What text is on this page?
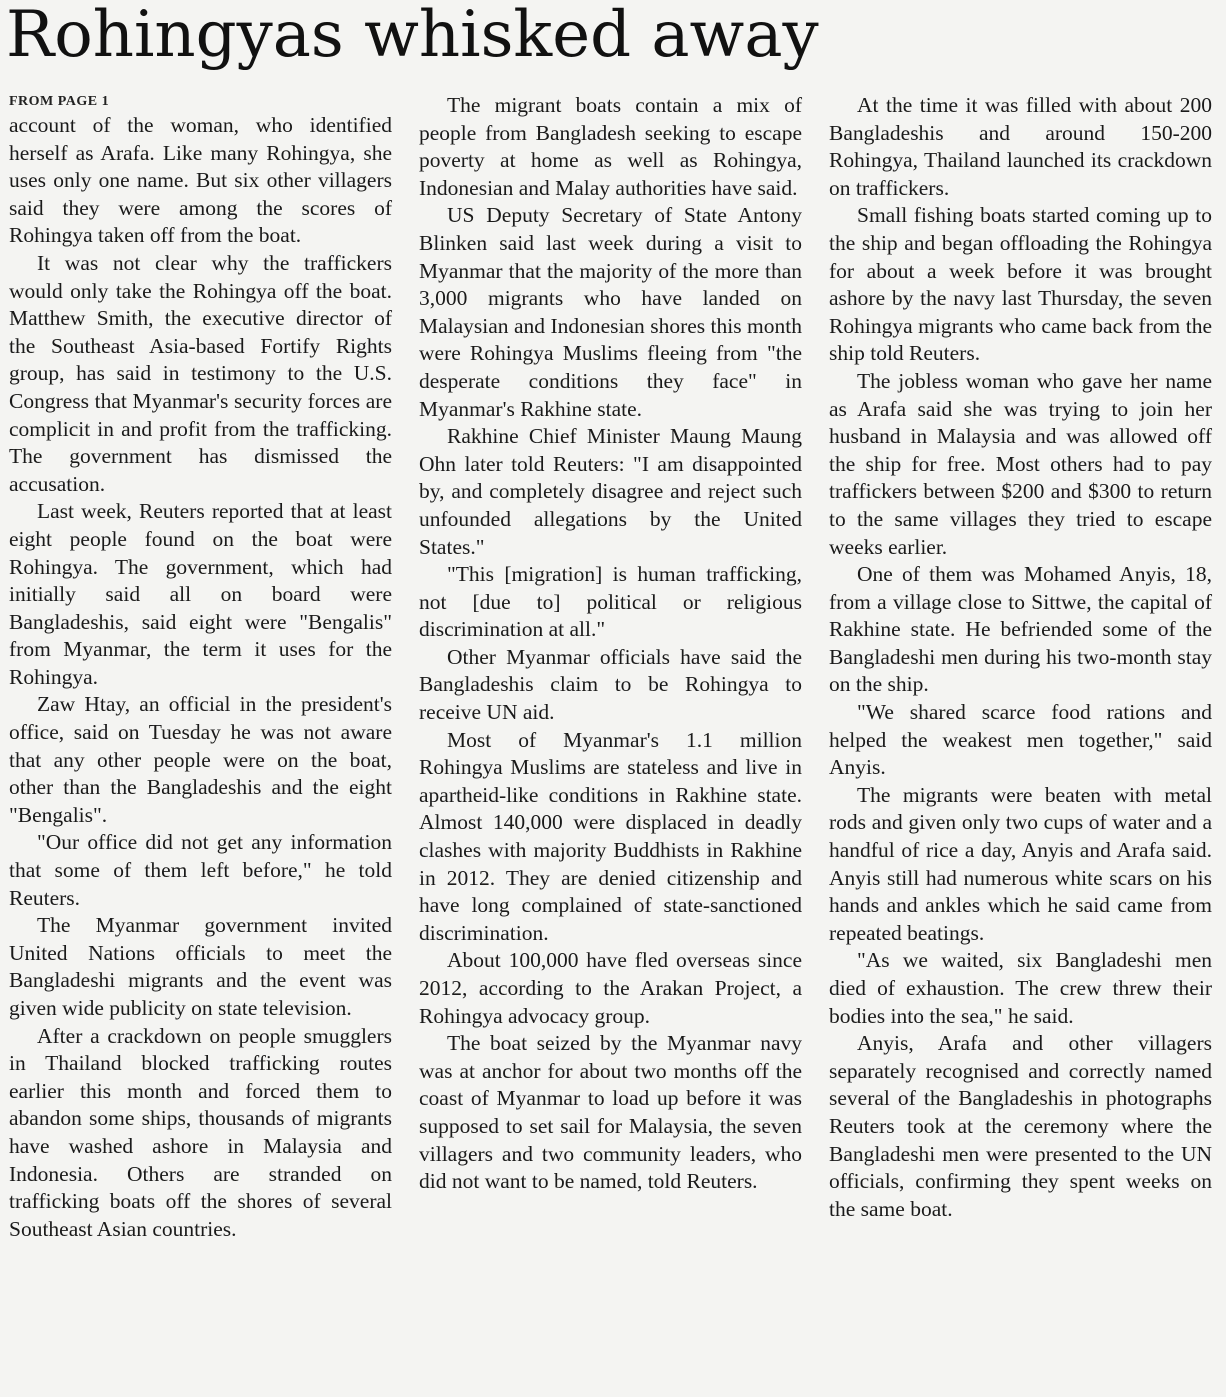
Rohingyas whisked away
FROM PAGE 1

account of the woman, who identified herself as Arafa. Like many Rohingya, she uses only one name. But six other villagers said they were among the scores of Rohingya taken off from the boat.

It was not clear why the traffickers would only take the Rohingya off the boat. Matthew Smith, the executive director of the Southeast Asia-based Fortify Rights group, has said in testimony to the U.S. Congress that Myanmar's security forces are complicit in and profit from the trafficking. The government has dismissed the accusation.

Last week, Reuters reported that at least eight people found on the boat were Rohingya. The government, which had initially said all on board were Bangladeshis, said eight were "Bengalis" from Myanmar, the term it uses for the Rohingya.

Zaw Htay, an official in the president's office, said on Tuesday he was not aware that any other people were on the boat, other than the Bangladeshis and the eight "Bengalis".

"Our office did not get any information that some of them left before," he told Reuters.

The Myanmar government invited United Nations officials to meet the Bangladeshi migrants and the event was given wide publicity on state television.

After a crackdown on people smugglers in Thailand blocked trafficking routes earlier this month and forced them to abandon some ships, thousands of migrants have washed ashore in Malaysia and Indonesia. Others are stranded on trafficking boats off the shores of several Southeast Asian countries.

The migrant boats contain a mix of people from Bangladesh seeking to escape poverty at home as well as Rohingya, Indonesian and Malay authorities have said.

US Deputy Secretary of State Antony Blinken said last week during a visit to Myanmar that the majority of the more than 3,000 migrants who have landed on Malaysian and Indonesian shores this month were Rohingya Muslims fleeing from "the desperate conditions they face" in Myanmar's Rakhine state.

Rakhine Chief Minister Maung Maung Ohn later told Reuters: "I am disappointed by, and completely disagree and reject such unfounded allegations by the United States."

"This [migration] is human trafficking, not [due to] political or religious discrimination at all."

Other Myanmar officials have said the Bangladeshis claim to be Rohingya to receive UN aid.

Most of Myanmar's 1.1 million Rohingya Muslims are stateless and live in apartheid-like conditions in Rakhine state. Almost 140,000 were displaced in deadly clashes with majority Buddhists in Rakhine in 2012. They are denied citizenship and have long complained of state-sanctioned discrimination.

About 100,000 have fled overseas since 2012, according to the Arakan Project, a Rohingya advocacy group.

The boat seized by the Myanmar navy was at anchor for about two months off the coast of Myanmar to load up before it was supposed to set sail for Malaysia, the seven villagers and two community leaders, who did not want to be named, told Reuters.

At the time it was filled with about 200 Bangladeshis and around 150-200 Rohingya, Thailand launched its crackdown on traffickers.

Small fishing boats started coming up to the ship and began offloading the Rohingya for about a week before it was brought ashore by the navy last Thursday, the seven Rohingya migrants who came back from the ship told Reuters.

The jobless woman who gave her name as Arafa said she was trying to join her husband in Malaysia and was allowed off the ship for free. Most others had to pay traffickers between $200 and $300 to return to the same villages they tried to escape weeks earlier.

One of them was Mohamed Anyis, 18, from a village close to Sittwe, the capital of Rakhine state. He befriended some of the Bangladeshi men during his two-month stay on the ship.

"We shared scarce food rations and helped the weakest men together," said Anyis.

The migrants were beaten with metal rods and given only two cups of water and a handful of rice a day, Anyis and Arafa said. Anyis still had numerous white scars on his hands and ankles which he said came from repeated beatings.

"As we waited, six Bangladeshi men died of exhaustion. The crew threw their bodies into the sea," he said.

Anyis, Arafa and other villagers separately recognised and correctly named several of the Bangladeshis in photographs Reuters took at the ceremony where the Bangladeshi men were presented to the UN officials, confirming they spent weeks on the same boat.
